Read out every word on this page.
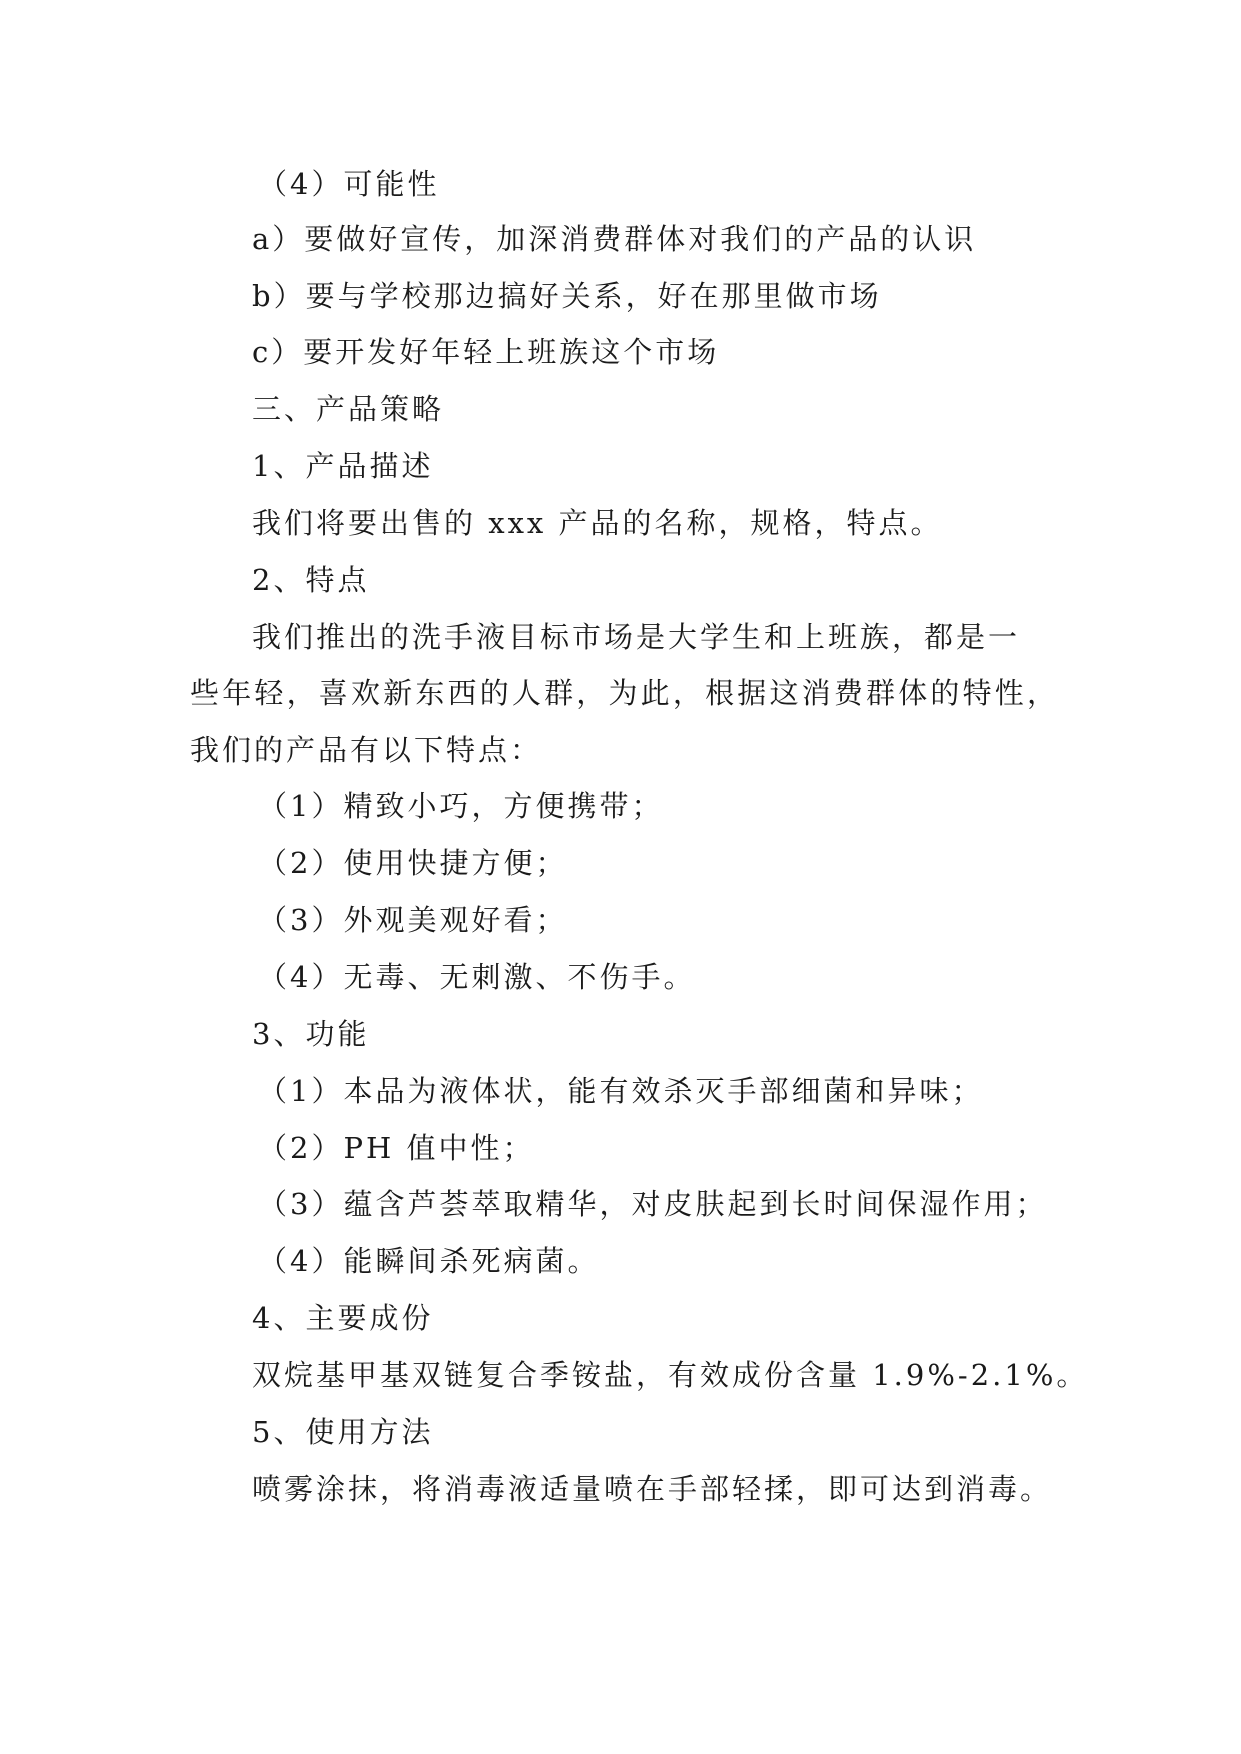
（4）可能性
a）要做好宣传，加深消费群体对我们的产品的认识
b）要与学校那边搞好关系，好在那里做市场
c）要开发好年轻上班族这个市场
三、产品策略
1、产品描述
我们将要出售的 xxx 产品的名称，规格，特点。
2、特点
我们推出的洗手液目标市场是大学生和上班族，都是一
些年轻，喜欢新东西的人群，为此，根据这消费群体的特性，
我们的产品有以下特点：
（1）精致小巧，方便携带；
（2）使用快捷方便；
（3）外观美观好看；
（4）无毒、无刺激、不伤手。
3、功能
（1）本品为液体状，能有效杀灭手部细菌和异味；
（2）PH 值中性；
（3）蕴含芦荟萃取精华，对皮肤起到长时间保湿作用；
（4）能瞬间杀死病菌。
4、主要成份
双烷基甲基双链复合季铵盐，有效成份含量 1.9%-2.1%。
5、使用方法
喷雾涂抹，将消毒液适量喷在手部轻揉，即可达到消毒。
